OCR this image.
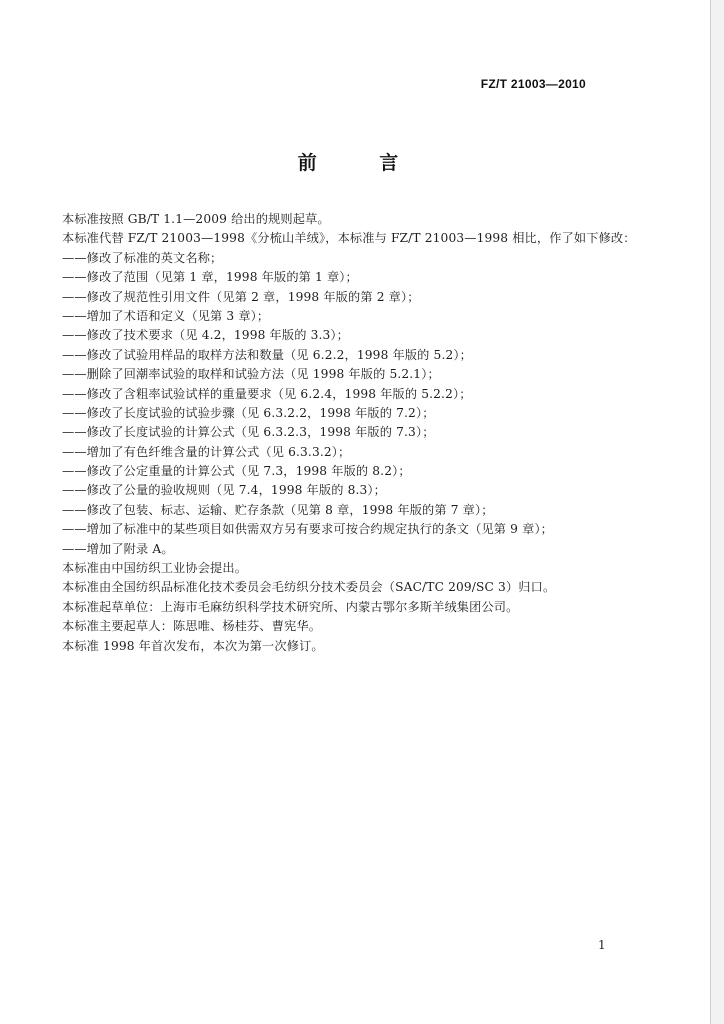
FZ/T 21003—2010
前 言
本标准按照 GB/T 1.1—2009 给出的规则起草。
本标准代替 FZ/T 21003—1998《分梳山羊绒》，本标准与 FZ/T 21003—1998 相比，作了如下修改：
——修改了标准的英文名称；
——修改了范围（见第 1 章，1998 年版的第 1 章）；
——修改了规范性引用文件（见第 2 章，1998 年版的第 2 章）；
——增加了术语和定义（见第 3 章）；
——修改了技术要求（见 4.2，1998 年版的 3.3）；
——修改了试验用样品的取样方法和数量（见 6.2.2，1998 年版的 5.2）；
——删除了回潮率试验的取样和试验方法（见 1998 年版的 5.2.1）；
——修改了含粗率试验试样的重量要求（见 6.2.4，1998 年版的 5.2.2）；
——修改了长度试验的试验步骤（见 6.3.2.2，1998 年版的 7.2）；
——修改了长度试验的计算公式（见 6.3.2.3，1998 年版的 7.3）；
——增加了有色纤维含量的计算公式（见 6.3.3.2）；
——修改了公定重量的计算公式（见 7.3，1998 年版的 8.2）；
——修改了公量的验收规则（见 7.4，1998 年版的 8.3）；
——修改了包装、标志、运输、贮存条款（见第 8 章，1998 年版的第 7 章）；
——增加了标准中的某些项目如供需双方另有要求可按合约规定执行的条文（见第 9 章）；
——增加了附录 A。
本标准由中国纺织工业协会提出。
本标准由全国纺织品标准化技术委员会毛纺织分技术委员会（SAC/TC 209/SC 3）归口。
本标准起草单位：上海市毛麻纺织科学技术研究所、内蒙古鄂尔多斯羊绒集团公司。
本标准主要起草人：陈思唯、杨桂芬、曹宪华。
本标准 1998 年首次发布，本次为第一次修订。
1
